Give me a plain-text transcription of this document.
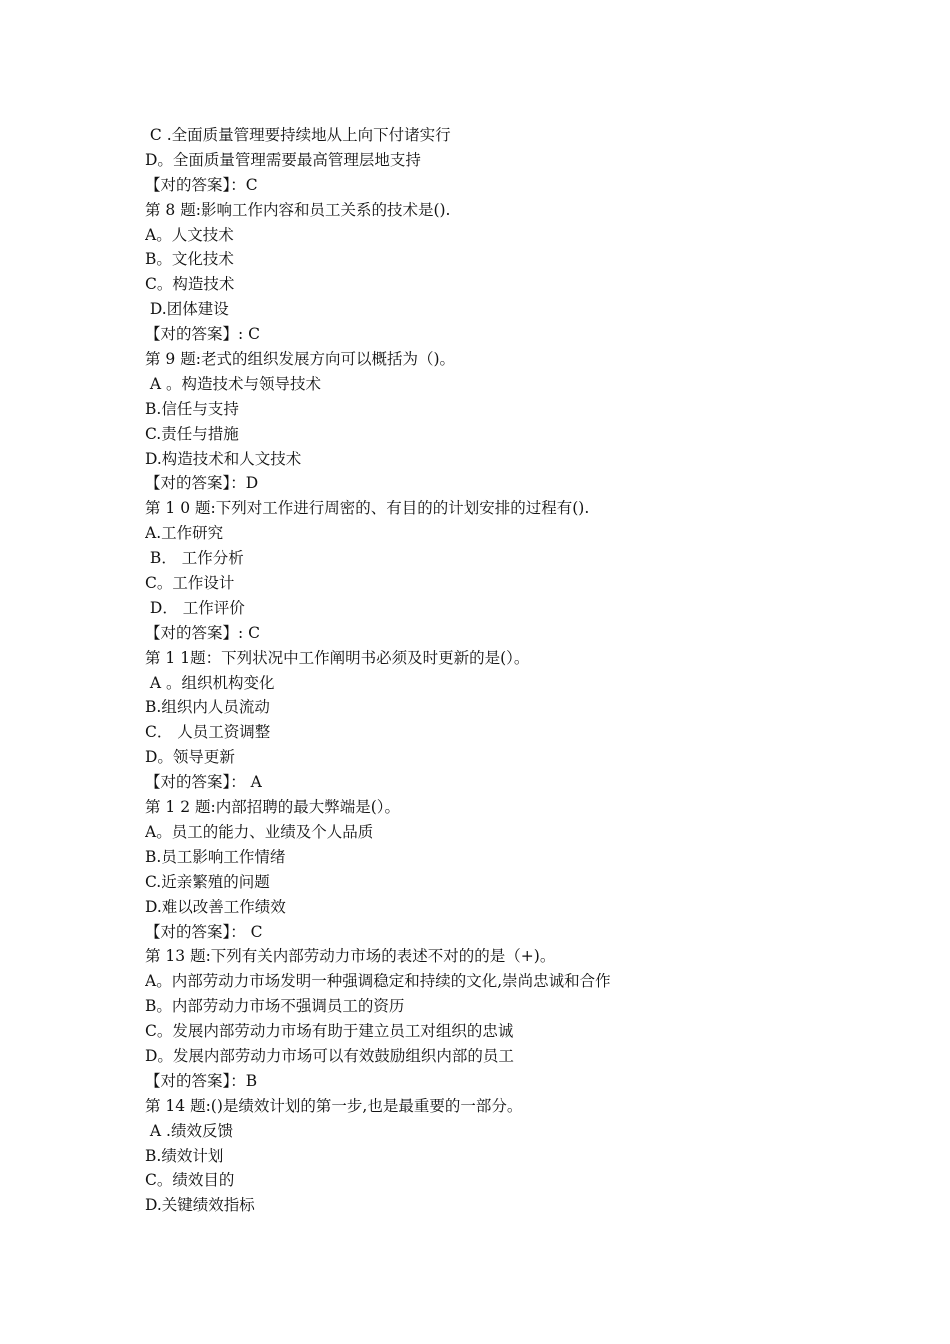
C .全面质量管理要持续地从上向下付诸实行
D。全面质量管理需要最高管理层地支持
【对的答案】：C
第 8 题:影响工作内容和员工关系的技术是().
A。人文技术
B。文化技术
C。构造技术
D.团体建设
【对的答案】: C
第 9 题:老式的组织发展方向可以概括为（)。
A 。构造技术与领导技术
B.信任与支持
C.责任与措施
D.构造技术和人文技术
【对的答案】：D
第 1 0 题:下列对工作进行周密的、有目的的计划安排的过程有().
A.工作研究
B． 工作分析
C。工作设计
D． 工作评价
【对的答案】: C
第 1 1题：下列状况中工作阐明书必须及时更新的是(）。
A 。组织机构变化
B.组织内人员流动
C． 人员工资调整
D。领导更新
【对的答案】： A
第 1 2 题:内部招聘的最大弊端是(）。
A。员工的能力、业绩及个人品质
B.员工影响工作情绪
C.近亲繁殖的问题
D.难以改善工作绩效
【对的答案】： C
第 13 题:下列有关内部劳动力市场的表述不对的的是（+)。
A。内部劳动力市场发明一种强调稳定和持续的文化,崇尚忠诚和合作
B。内部劳动力市场不强调员工的资历
C。发展内部劳动力市场有助于建立员工对组织的忠诚
D。发展内部劳动力市场可以有效鼓励组织内部的员工
【对的答案】：B
第 14 题:()是绩效计划的第一步,也是最重要的一部分。
A .绩效反馈
B.绩效计划
C。绩效目的
D.关键绩效指标
